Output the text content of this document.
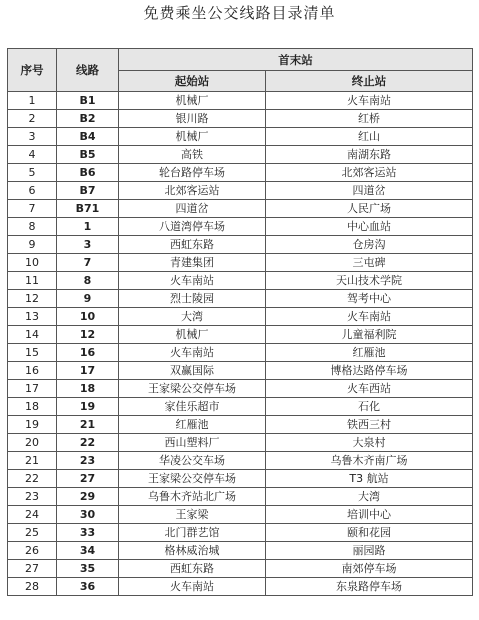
免费乘坐公交线路目录清单
序号	线路	首末站	
		起始站	终止站
1	B1	机械厂	火车南站
2	B2	银川路	红桥
3	B4	机械厂	红山
4	B5	高铁	南湖东路
5	B6	轮台路停车场	北郊客运站
6	B7	北郊客运站	四道岔
7	B71	四道岔	人民广场
8	1	八道湾停车场	中心血站
9	3	西虹东路	仓房沟
10	7	青建集团	三屯碑
11	8	火车南站	天山技术学院
12	9	烈士陵园	驾考中心
13	10	大湾	火车南站
14	12	机械厂	儿童福利院
15	16	火车南站	红雁池
16	17	双赢国际	博格达路停车场
17	18	王家梁公交停车场	火车西站
18	19	家佳乐超市	石化
19	21	红雁池	铁西三村
20	22	西山塑料厂	大泉村
21	23	华凌公交车场	乌鲁木齐南广场
22	27	王家梁公交停车场	T3 航站
23	29	乌鲁木齐站北广场	大湾
24	30	王家梁	培训中心
25	33	北门群艺馆	颐和花园
26	34	格林威治城	丽园路
27	35	西虹东路	南郊停车场
28	36	火车南站	东泉路停车场
